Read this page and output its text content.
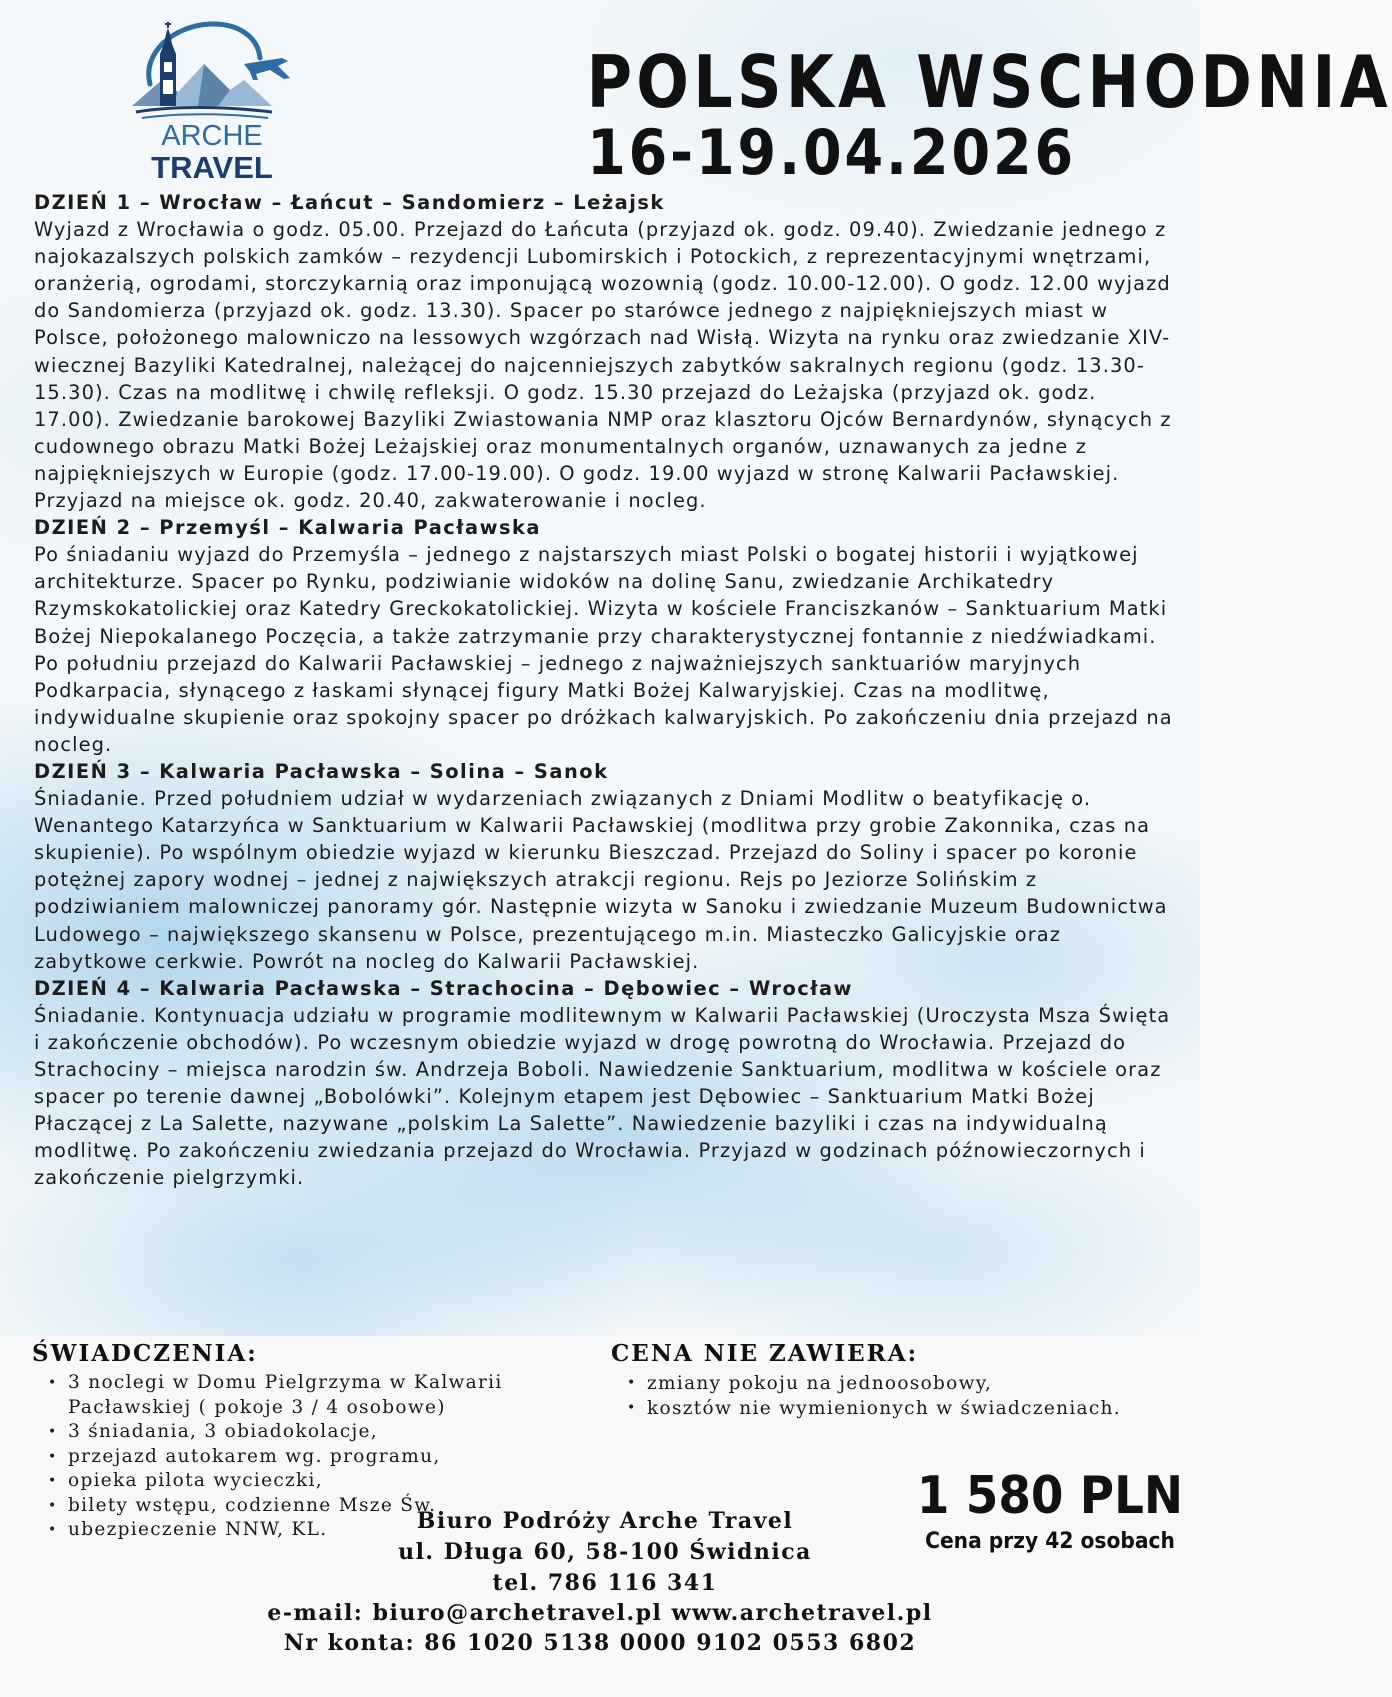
ARCHE
TRAVEL
POLSKA WSCHODNIA
16-19.04.2026
DZIEŃ 1 – Wrocław – Łańcut – Sandomierz – Leżajsk

Wyjazd z Wrocławia o godz. 05.00. Przejazd do Łańcuta (przyjazd ok. godz. 09.40). Zwiedzanie jednego z najokazalszych polskich zamków – rezydencji Lubomirskich i Potockich, z reprezentacyjnymi wnętrzami, oranżerią, ogrodami, storczykarnią oraz imponującą wozownią (godz. 10.00-12.00). O godz. 12.00 wyjazd do Sandomierza (przyjazd ok. godz. 13.30). Spacer po starówce jednego z najpiękniejszych miast w Polsce, położonego malowniczo na lessowych wzgórzach nad Wisłą. Wizyta na rynku oraz zwiedzanie XIV-wiecznej Bazyliki Katedralnej, należącej do najcenniejszych zabytków sakralnych regionu (godz. 13.30-15.30). Czas na modlitwę i chwilę refleksji. O godz. 15.30 przejazd do Leżajska (przyjazd ok. godz. 17.00). Zwiedzanie barokowej Bazyliki Zwiastowania NMP oraz klasztoru Ojców Bernardynów, słynących z cudownego obrazu Matki Bożej Leżajskiej oraz monumentalnych organów, uznawanych za jedne z najpiękniejszych w Europie (godz. 17.00-19.00). O godz. 19.00 wyjazd w stronę Kalwarii Pacławskiej. Przyjazd na miejsce ok. godz. 20.40, zakwaterowanie i nocleg.

DZIEŃ 2 – Przemyśl – Kalwaria Pacławska

Po śniadaniu wyjazd do Przemyśla – jednego z najstarszych miast Polski o bogatej historii i wyjątkowej architekturze. Spacer po Rynku, podziwianie widoków na dolinę Sanu, zwiedzanie Archikatedry Rzymskokatolickiej oraz Katedry Greckokatolickiej. Wizyta w kościele Franciszkanów – Sanktuarium Matki Bożej Niepokalanego Poczęcia, a także zatrzymanie przy charakterystycznej fontannie z niedźwiadkami. Po południu przejazd do Kalwarii Pacławskiej – jednego z najważniejszych sanktuariów maryjnych Podkarpacia, słynącego z łaskami słynącej figury Matki Bożej Kalwaryjskiej. Czas na modlitwę, indywidualne skupienie oraz spokojny spacer po dróżkach kalwaryjskich. Po zakończeniu dnia przejazd na nocleg.

DZIEŃ 3 – Kalwaria Pacławska – Solina – Sanok

Śniadanie. Przed południem udział w wydarzeniach związanych z Dniami Modlitw o beatyfikację o. Wenantego Katarzyńca w Sanktuarium w Kalwarii Pacławskiej (modlitwa przy grobie Zakonnika, czas na skupienie). Po wspólnym obiedzie wyjazd w kierunku Bieszczad. Przejazd do Soliny i spacer po koronie potężnej zapory wodnej – jednej z największych atrakcji regionu. Rejs po Jeziorze Solińskim z podziwianiem malowniczej panoramy gór. Następnie wizyta w Sanoku i zwiedzanie Muzeum Budownictwa Ludowego – największego skansenu w Polsce, prezentującego m.in. Miasteczko Galicyjskie oraz zabytkowe cerkwie. Powrót na nocleg do Kalwarii Pacławskiej.

DZIEŃ 4 – Kalwaria Pacławska – Strachocina – Dębowiec – Wrocław

Śniadanie. Kontynuacja udziału w programie modlitewnym w Kalwarii Pacławskiej (Uroczysta Msza Święta i zakończenie obchodów). Po wczesnym obiedzie wyjazd w drogę powrotną do Wrocławia. Przejazd do Strachociny – miejsca narodzin św. Andrzeja Boboli. Nawiedzenie Sanktuarium, modlitwa w kościele oraz spacer po terenie dawnej „Bobolówki”. Kolejnym etapem jest Dębowiec – Sanktuarium Matki Bożej Płaczącej z La Salette, nazywane „polskim La Salette”. Nawiedzenie bazyliki i czas na indywidualną modlitwę. Po zakończeniu zwiedzania przejazd do Wrocławia. Przyjazd w godzinach późnowieczornych i zakończenie pielgrzymki.

ŚWIADCZENIA:
• 3 noclegi w Domu Pielgrzyma w Kalwarii Pacławskiej ( pokoje 3 / 4 osobowe)
• 3 śniadania, 3 obiadokolacje,
• przejazd autokarem wg. programu,
• opieka pilota wycieczki,
• bilety wstępu, codzienne Msze Św.
• ubezpieczenie NNW, KL.
CENA NIE ZAWIERA:
• zmiany pokoju na jednoosobowy,
• kosztów nie wymienionych w świadczeniach.
1 580 PLN
Cena przy 42 osobach
Biuro Podróży Arche Travel
ul. Długa 60, 58-100 Świdnica
tel. 786 116 341
e-mail: biuro@archetravel.pl www.archetravel.pl
Nr konta: 86 1020 5138 0000 9102 0553 6802
